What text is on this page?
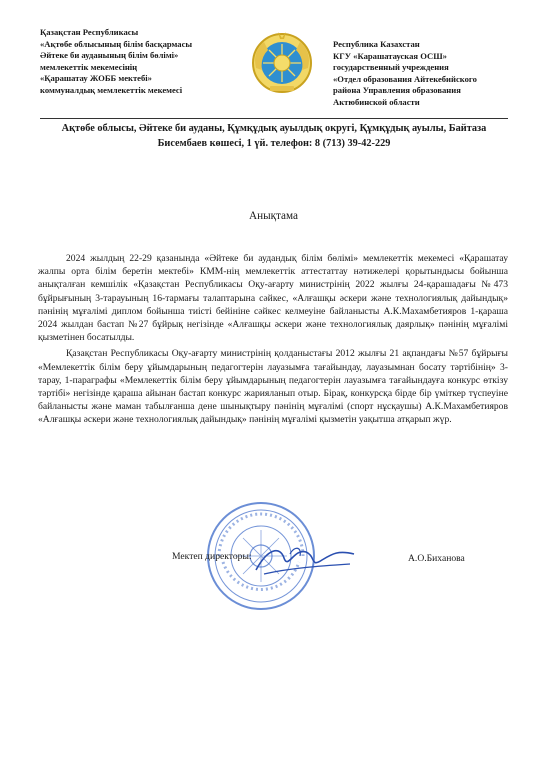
Қазақстан Республикасы
«Ақтөбе облысының білім басқармасы
Әйтеке би ауданының білім бөлімі»
мемлекеттік мекемесінің
«Қарашатау ЖОББ мектебі»
коммуналдық мемлекеттік мекемесі
Республика Казахстан
КГУ «Карашатауская ОСШ»
государственный учреждения
«Отдел образования Айтекебийского
района Управления образования
Актюбинской области
Ақтөбе облысы, Әйтеке би ауданы, Құмқұдық ауылдық округі, Құмқұдық ауылы, Байтаза
Бисембаев көшесі, 1 үй. телефон: 8 (713) 39-42-229
Анықтама

2024 жылдың 22-29 қазанында «Әйтеке би аудандық білім бөлімі» мемлекеттік мекемесі «Қарашатау жалпы орта білім беретін мектебі» КММ-нің мемлекеттік аттестаттау нәтижелері қорытындысы бойынша анықталған кемшілік «Қазақстан Республикасы Оқу-ағарту министрінің 2022 жылғы 24-қарашадағы №473 бұйрығының 3-тарауының 16-тармағы талаптарына сәйкес, «Алғашқы әскери және технологиялық дайындық» пәнінің мұғалімі диплом бойынша тиісті бейініне сәйкес келмеуіне байланысты А.К.Махамбетияров 1-қараша 2024 жылдан бастап №27 бұйрық негізінде «Алғашқы әскери және технологиялық даярлық» пәнінің мұғалімі қызметінен босатылды.

Қазақстан Республикасы Оқу-ағарту министрінің қолданыстағы 2012 жылғы 21 ақпандағы №57 бұйрығы «Мемлекеттік білім беру ұйымдарының педагогтерін лауазымға тағайындау, лауазымнан босату тәртібінің» 3-тарау, 1-параграфы «Мемлекеттік білім беру ұйымдарының педагогтерін лауазымға тағайындауға конкурс өткізу тәртібі» негізінде қараша айынан бастап конкурс жарияланып отыр. Бірақ, конкурсқа бірде бір үміткер түспеуіне байланысты және маман табылғанша дене шынықтыру пәнінің мұғалімі (спорт нұсқаушы) А.К.Махамбетияров «Алғашқы әскери және технологиялық дайындық» пәнінің мұғалімі қызметін уақытша атқарып жүр.

Мектеп директоры:	А.О.Биханова
